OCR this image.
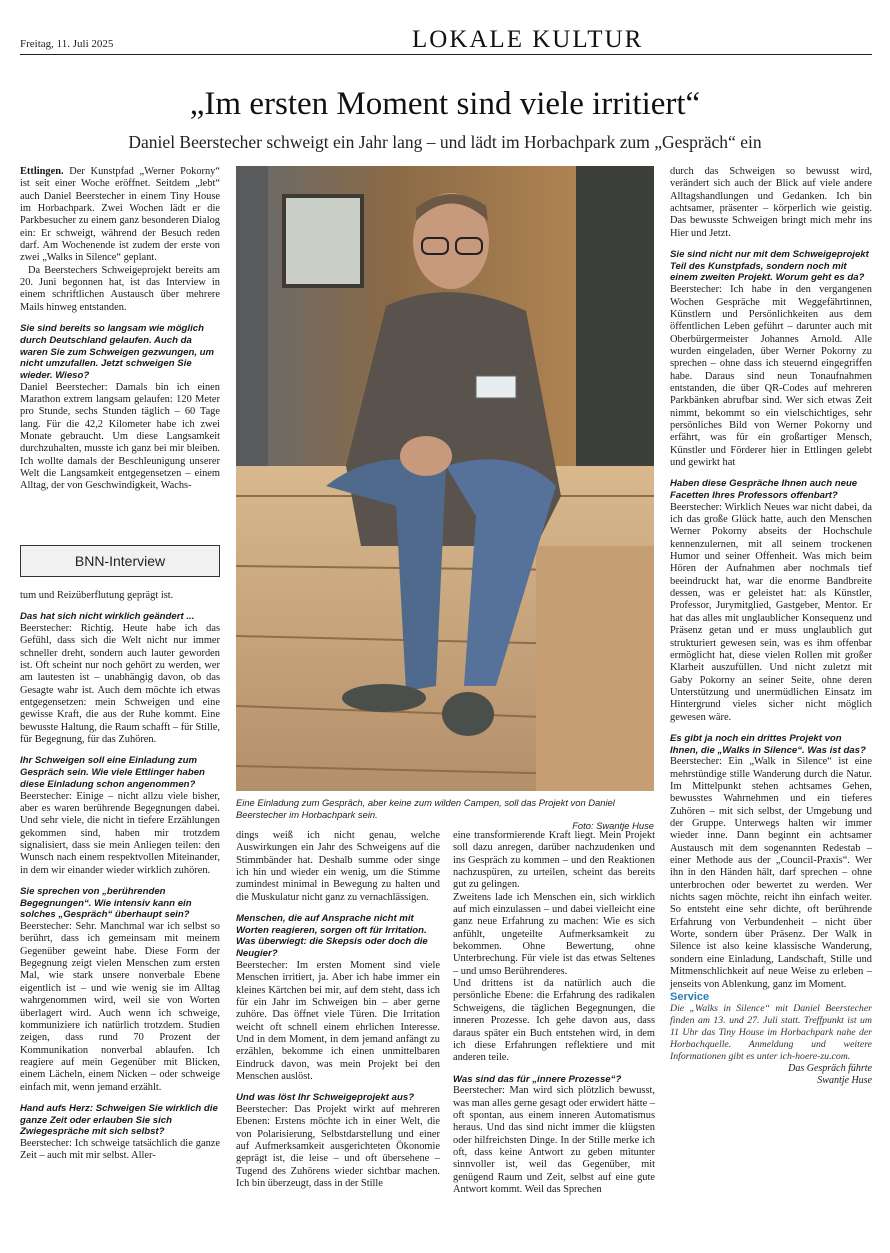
Freitag, 11. Juli 2025	LOKALE KULTUR
„Im ersten Moment sind viele irritiert“
Daniel Beerstecher schweigt ein Jahr lang – und lädt im Horbachpark zum „Gespräch“ ein

Ettlingen. Der Kunstpfad „Werner Pokorny“ ist seit einer Woche eröffnet. Seitdem „lebt“ auch Daniel Beerstecher in einem Tiny House im Horbachpark. Zwei Wochen lädt er die Parkbesucher zu einem ganz besonderen Dialog ein: Er schweigt, während der Besuch reden darf. Am Wochenende ist zudem der erste von zwei „Walks in Silence“ geplant.

Da Beerstechers Schweigeprojekt bereits am 20. Juni begonnen hat, ist das Interview in einem schriftlichen Austausch über mehrere Mails hinweg entstanden.

Sie sind bereits so langsam wie möglich durch Deutschland gelaufen. Auch da waren Sie zum Schweigen gezwungen, um nicht umzufallen. Jetzt schweigen Sie wieder. Wieso?

Daniel Beerstecher: Damals bin ich einen Marathon extrem langsam gelaufen: 120 Meter pro Stunde, sechs Stunden täglich – 60 Tage lang. Für die 42,2 Kilometer habe ich zwei Monate gebraucht. Um diese Langsamkeit durchzuhalten, musste ich ganz bei mir bleiben. Ich wollte damals der Beschleunigung unserer Welt die Langsamkeit entgegensetzen – einem Alltag, der von Geschwindigkeit, Wachs-

BNN-Interview

tum und Reizüberflutung geprägt ist.

Das hat sich nicht wirklich geändert ...

Beerstecher: Richtig. Heute habe ich das Gefühl, dass sich die Welt nicht nur immer schneller dreht, sondern auch lauter geworden ist. Oft scheint nur noch gehört zu werden, wer am lautesten ist – unabhängig davon, ob das Gesagte wahr ist. Auch dem möchte ich etwas entgegensetzen: mein Schweigen und eine gewisse Kraft, die aus der Ruhe kommt. Eine bewusste Haltung, die Raum schafft – für Stille, für Begegnung, für das Zuhören.

Ihr Schweigen soll eine Einladung zum Gespräch sein. Wie viele Ettlinger haben diese Einladung schon angenommen?

Beerstecher: Einige – nicht allzu viele bisher, aber es waren berührende Begegnungen dabei. Und sehr viele, die nicht in tiefere Erzählungen gekommen sind, haben mir trotzdem signalisiert, dass sie mein Anliegen teilen: den Wunsch nach einem respektvollen Miteinander, in dem wir einander wieder wirklich zuhören.

Sie sprechen von „berührenden Begegnungen“. Wie intensiv kann ein solches „Gespräch“ überhaupt sein?

Beerstecher: Sehr. Manchmal war ich selbst so berührt, dass ich gemeinsam mit meinem Gegenüber geweint habe. Diese Form der Begegnung zeigt vielen Menschen zum ersten Mal, wie stark unsere nonverbale Ebene eigentlich ist – und wie wenig sie im Alltag wahrgenommen wird, weil sie von Worten überlagert wird. Auch wenn ich schweige, kommuniziere ich natürlich trotzdem. Studien zeigen, dass rund 70 Prozent der Kommunikation nonverbal ablaufen. Ich reagiere auf mein Gegenüber mit Blicken, einem Lächeln, einem Nicken – oder schweige einfach mit, wenn jemand erzählt.

Hand aufs Herz: Schweigen Sie wirklich die ganze Zeit oder erlauben Sie sich Zwiegespräche mit sich selbst?

Beerstecher: Ich schweige tatsächlich die ganze Zeit – auch mit mir selbst. Aller-

Eine Einladung zum Gespräch, aber keine zum wilden Campen, soll das Projekt von Daniel Beerstecher im Horbachpark sein.
Foto: Swantje Huse

dings weiß ich nicht genau, welche Auswirkungen ein Jahr des Schweigens auf die Stimmbänder hat. Deshalb summe oder singe ich hin und wieder ein wenig, um die Stimme zumindest minimal in Bewegung zu halten und die Muskulatur nicht ganz zu vernachlässigen.

Menschen, die auf Ansprache nicht mit Worten reagieren, sorgen oft für Irritation. Was überwiegt: die Skepsis oder doch die Neugier?

Beerstecher: Im ersten Moment sind viele Menschen irritiert, ja. Aber ich habe immer ein kleines Kärtchen bei mir, auf dem steht, dass ich für ein Jahr im Schweigen bin – aber gerne zuhöre. Das öffnet viele Türen. Die Irritation weicht oft schnell einem ehrlichen Interesse. Und in dem Moment, in dem jemand anfängt zu erzählen, bekomme ich einen unmittelbaren Eindruck davon, was mein Projekt bei den Menschen auslöst.

Und was löst Ihr Schweigeprojekt aus?

Beerstecher: Das Projekt wirkt auf mehreren Ebenen: Erstens möchte ich in einer Welt, die von Polarisierung, Selbstdarstellung und einer auf Aufmerksamkeit ausgerichteten Ökonomie geprägt ist, die leise – und oft übersehene – Tugend des Zuhörens wieder sichtbar machen. Ich bin überzeugt, dass in der Stille

eine transformierende Kraft liegt. Mein Projekt soll dazu anregen, darüber nachzudenken und ins Gespräch zu kommen – und den Reaktionen nachzuspüren, zu urteilen, scheint das bereits gut zu gelingen.

Zweitens lade ich Menschen ein, sich wirklich auf mich einzulassen – und dabei vielleicht eine ganz neue Erfahrung zu machen: Wie es sich anfühlt, ungeteilte Aufmerksamkeit zu bekommen. Ohne Bewertung, ohne Unterbrechung. Für viele ist das etwas Seltenes – und umso Berührenderes.

Und drittens ist da natürlich auch die persönliche Ebene: die Erfahrung des radikalen Schweigens, die täglichen Begegnungen, die inneren Prozesse. Ich gehe davon aus, dass daraus später ein Buch entstehen wird, in dem ich diese Erfahrungen reflektiere und mit anderen teile.

Was sind das für „innere Prozesse“?

Beerstecher: Man wird sich plötzlich bewusst, was man alles gerne gesagt oder erwidert hätte – oft spontan, aus einem inneren Automatismus heraus. Und das sind nicht immer die klügsten oder hilfreichsten Dinge. In der Stille merke ich oft, dass keine Antwort zu geben mitunter sinnvoller ist, weil das Gegenüber, mit genügend Raum und Zeit, selbst auf eine gute Antwort kommt. Weil das Sprechen

durch das Schweigen so bewusst wird, verändert sich auch der Blick auf viele andere Alltagshandlungen und Gedanken. Ich bin achtsamer, präsenter – körperlich wie geistig. Das bewusste Schweigen bringt mich mehr ins Hier und Jetzt.

Sie sind nicht nur mit dem Schweigeprojekt Teil des Kunstpfads, sondern noch mit einem zweiten Projekt. Worum geht es da?

Beerstecher: Ich habe in den vergangenen Wochen Gespräche mit Weggefährtinnen, Künstlern und Persönlichkeiten aus dem öffentlichen Leben geführt – darunter auch mit Oberbürgermeister Johannes Arnold. Alle wurden eingeladen, über Werner Pokorny zu sprechen – ohne dass ich steuernd eingegriffen habe. Daraus sind neun Tonaufnahmen entstanden, die über QR-Codes auf mehreren Parkbänken abrufbar sind. Wer sich etwas Zeit nimmt, bekommt so ein vielschichtiges, sehr persönliches Bild von Werner Pokorny und erfährt, was für ein großartiger Mensch, Künstler und Förderer hier in Ettlingen gelebt und gewirkt hat

Haben diese Gespräche Ihnen auch neue Facetten Ihres Professors offenbart?

Beerstecher: Wirklich Neues war nicht dabei, da ich das große Glück hatte, auch den Menschen Werner Pokorny abseits der Hochschule kennenzulernen, mit all seinem trockenen Humor und seiner Offenheit. Was mich beim Hören der Aufnahmen aber nochmals tief beeindruckt hat, war die enorme Bandbreite dessen, was er geleistet hat: als Künstler, Professor, Jurymitglied, Gastgeber, Mentor. Er hat das alles mit unglaublicher Konsequenz und Präsenz getan und er muss unglaublich gut strukturiert gewesen sein, was es ihm offenbar ermöglicht hat, diese vielen Rollen mit großer Klarheit auszufüllen. Und nicht zuletzt mit Gaby Pokorny an seiner Seite, ohne deren Unterstützung und unermüdlichen Einsatz im Hintergrund vieles sicher nicht möglich gewesen wäre.

Es gibt ja noch ein drittes Projekt von Ihnen, die „Walks in Silence“. Was ist das?

Beerstecher: Ein „Walk in Silence“ ist eine mehrstündige stille Wanderung durch die Natur. Im Mittelpunkt stehen achtsames Gehen, bewusstes Wahrnehmen und ein tieferes Zuhören – mit sich selbst, der Umgebung und der Gruppe. Unterwegs halten wir immer wieder inne. Dann beginnt ein achtsamer Austausch mit dem sogenannten Redestab – einer Methode aus der „Council-Praxis“. Wer ihn in den Händen hält, darf sprechen – ohne unterbrochen oder bewertet zu werden. Wer nichts sagen möchte, reicht ihn einfach weiter. So entsteht eine sehr dichte, oft berührende Erfahrung von Verbundenheit – nicht über Worte, sondern über Präsenz. Der Walk in Silence ist also keine klassische Wanderung, sondern eine Einladung, Landschaft, Stille und Mitmenschlichkeit auf neue Weise zu erleben – jenseits von Ablenkung, ganz im Moment.

Service

Die „Walks in Silence“ mit Daniel Beerstecher finden am 13. und 27. Juli statt. Treffpunkt ist um 11 Uhr das Tiny House im Horbachpark nahe der Horbachquelle. Anmeldung und weitere Informationen gibt es unter ich-hoere-zu.com.

Das Gespräch führte
Swantje Huse
